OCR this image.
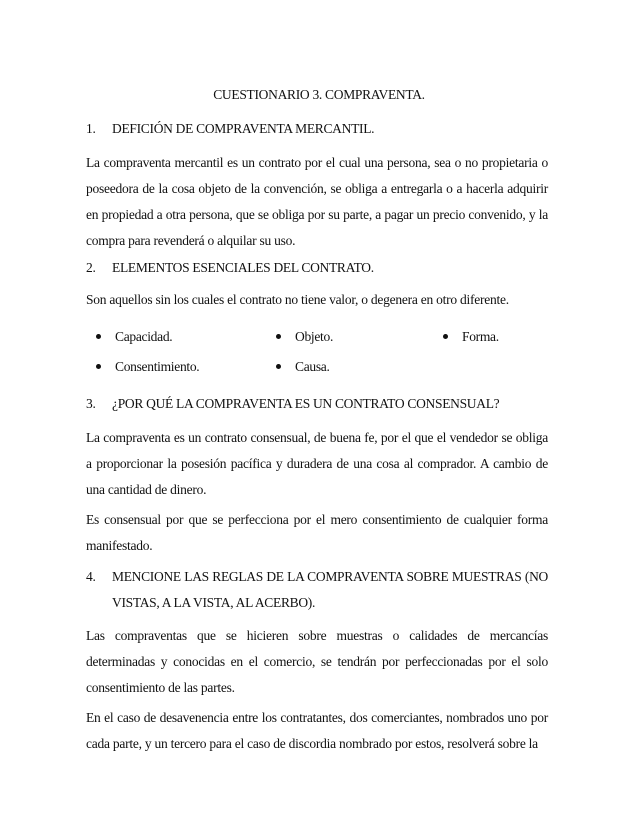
CUESTIONARIO 3. COMPRAVENTA.
1.	DEFICIÓN DE COMPRAVENTA MERCANTIL.

La compraventa mercantil es un contrato por el cual una persona, sea o no propietaria o poseedora de la cosa objeto de la convención, se obliga a entregarla o a hacerla adquirir en propiedad a otra persona, que se obliga por su parte, a pagar un precio convenido, y la compra para revenderá o alquilar su uso.

2.	ELEMENTOS ESENCIALES DEL CONTRATO.

Son aquellos sin los cuales el contrato no tiene valor, o degenera en otro diferente.

Capacidad.	Objeto.	Forma.
Consentimiento.	Causa.
3.	¿POR QUÉ LA COMPRAVENTA ES UN CONTRATO CONSENSUAL?

La compraventa es un contrato consensual, de buena fe, por el que el vendedor se obliga a proporcionar la posesión pacífica y duradera de una cosa al comprador. A cambio de una cantidad de dinero.

Es consensual por que se perfecciona por el mero consentimiento de cualquier forma manifestado.

4.	MENCIONE LAS REGLAS DE LA COMPRAVENTA SOBRE MUESTRAS (NO VISTAS, A LA VISTA, AL ACERBO).

Las compraventas que se hicieren sobre muestras o calidades de mercancías determinadas y conocidas en el comercio, se tendrán por perfeccionadas por el solo consentimiento de las partes.

En el caso de desavenencia entre los contratantes, dos comerciantes, nombrados uno por cada parte, y un tercero para el caso de discordia nombrado por estos, resolverá sobre la
